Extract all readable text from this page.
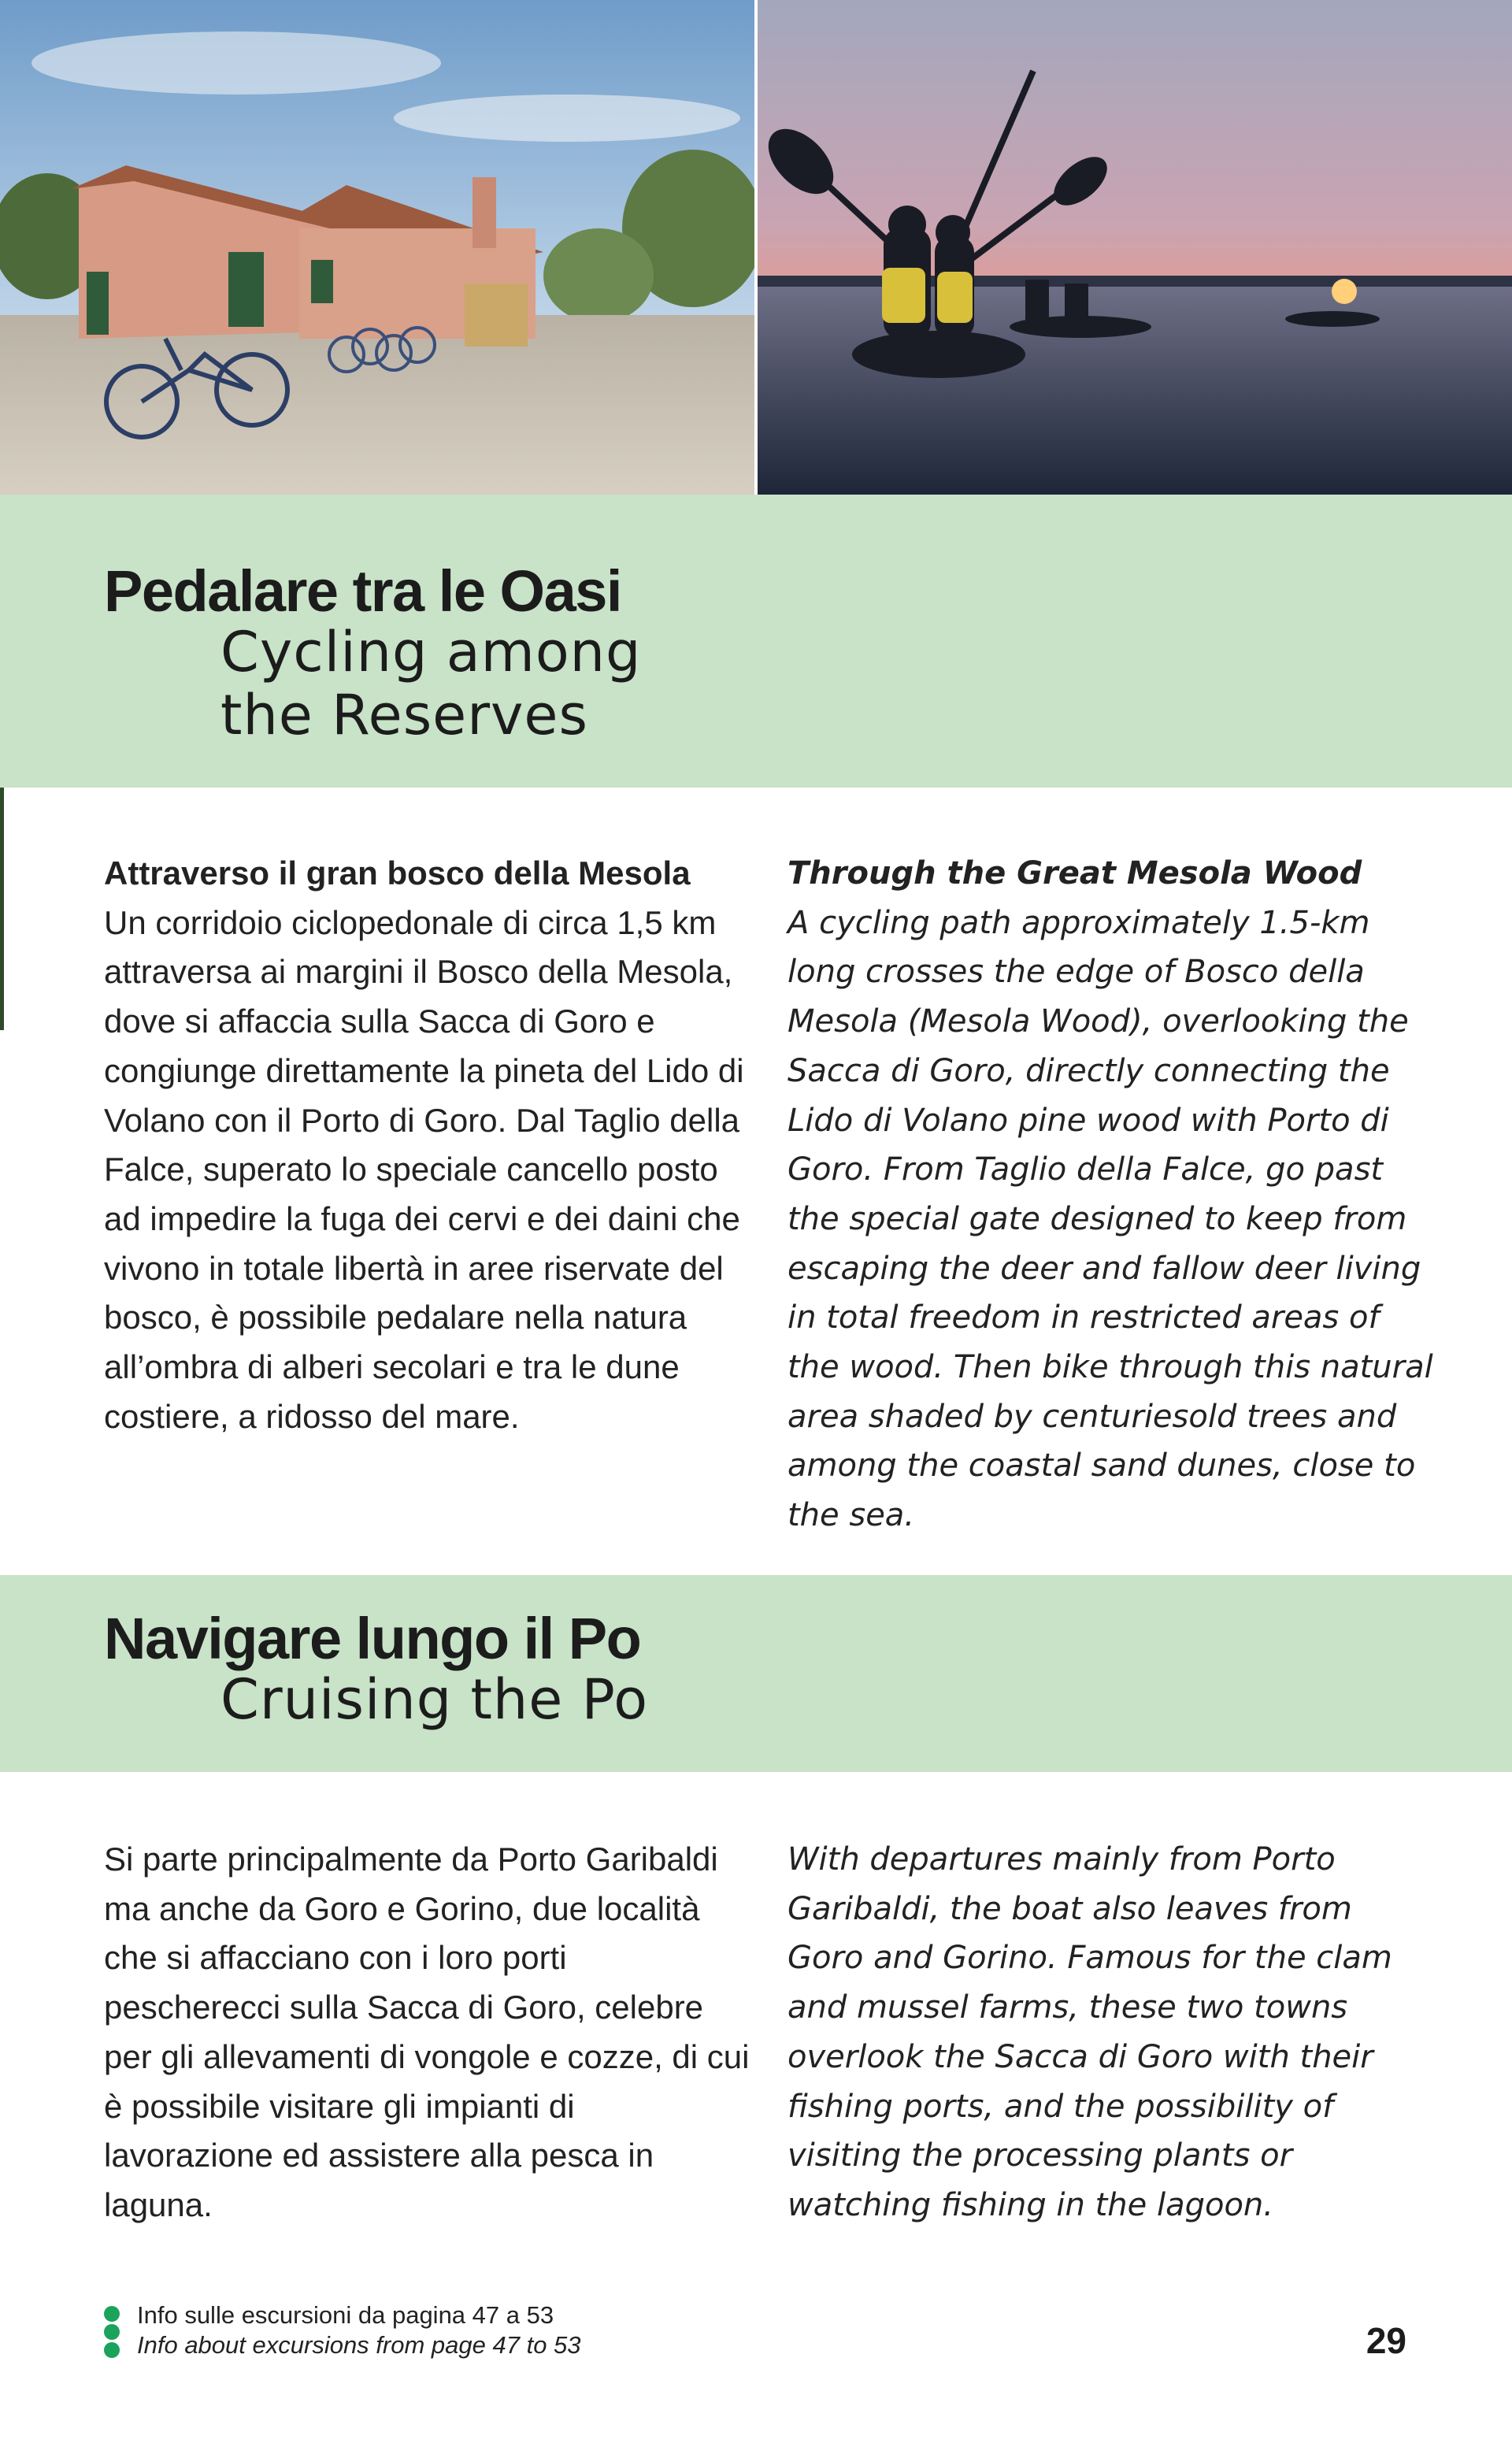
Pedalare tra le Oasi
Cycling among
the Reserves
Attraverso il gran bosco della Mesola
Un corridoio ciclopedonale di circa 1,5 km attraversa ai margini il Bosco della Mesola, dove si affaccia sulla Sacca di Goro e congiunge direttamente la pineta del Lido di Volano con il Porto di Goro. Dal Taglio della Falce, superato lo speciale cancello posto ad impedire la fuga dei cervi e dei daini che vivono in totale libertà in aree riservate del bosco, è possibile pedalare nella natura all’ombra di alberi secolari e tra le dune costiere, a ridosso del mare.
Through the Great Mesola Wood
A cycling path approximately 1.5-km long crosses the edge of Bosco della Mesola (Mesola Wood), overlooking the Sacca di Goro, directly connecting the Lido di Volano pine wood with Porto di Goro. From Taglio della Falce, go past the special gate designed to keep from escaping the deer and fallow deer living in total freedom in restricted areas of the wood. Then bike through this natural area shaded by centuriesold trees and among the coastal sand dunes, close to the sea.
Navigare lungo il Po
Cruising the Po
Si parte principalmente da Porto Garibaldi ma anche da Goro e Gorino, due località che si affacciano con i loro porti pescherecci sulla Sacca di Goro, celebre per gli allevamenti di vongole e cozze, di cui è possibile visitare gli impianti di lavorazione ed assistere alla pesca in laguna.
With departures mainly from Porto Garibaldi, the boat also leaves from Goro and Gorino. Famous for the clam and mussel farms, these two towns overlook the Sacca di Goro with their fishing ports, and the possibility of visiting the processing plants or watching fishing in the lagoon.
Info sulle escursioni da pagina 47 a 53
Info about excursions from page 47 to 53	29
